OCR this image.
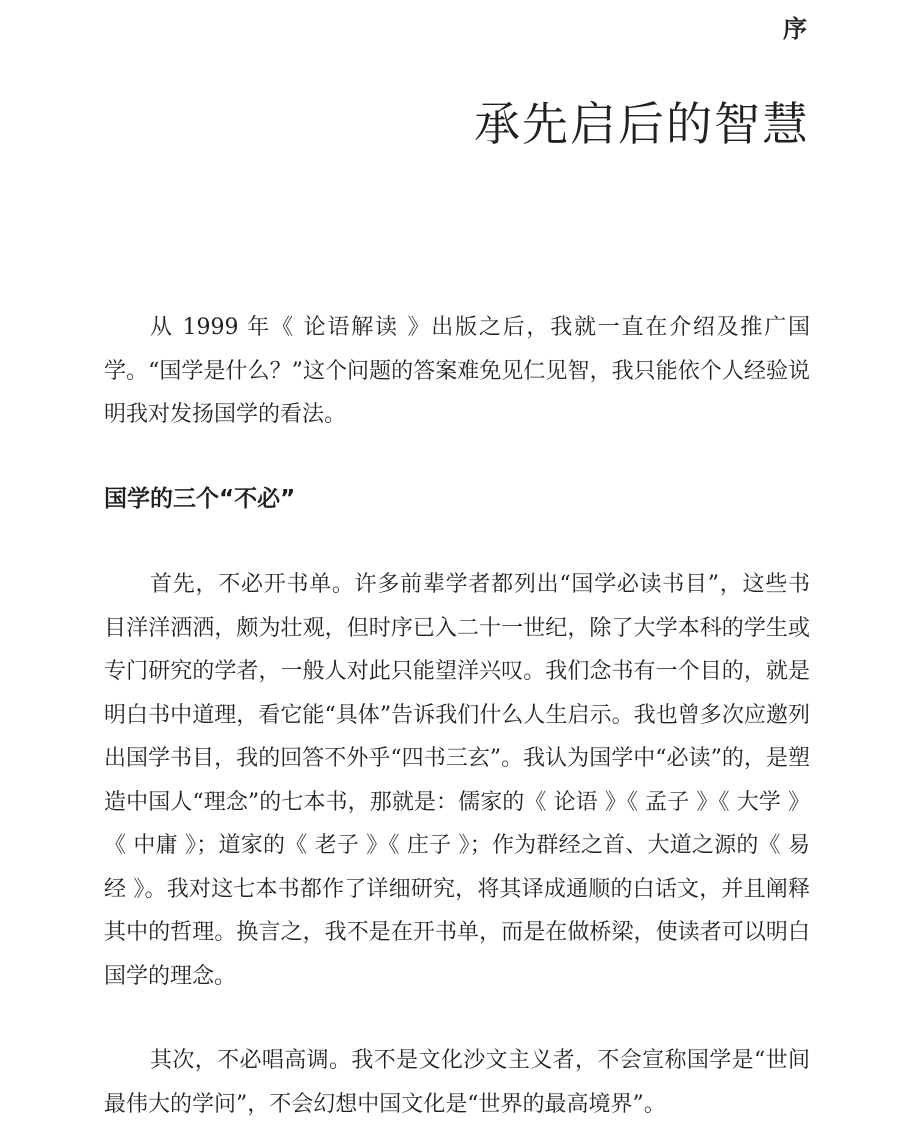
序
承先启后的智慧

从 1999 年《 论语解读 》出版之后，我就一直在介绍及推广国学。“国学是什么？”这个问题的答案难免见仁见智，我只能依个人经验说明我对发扬国学的看法。

国学的三个“不必”

首先，不必开书单。许多前辈学者都列出“国学必读书目”，这些书目洋洋洒洒，颇为壮观，但时序已入二十一世纪，除了大学本科的学生或专门研究的学者，一般人对此只能望洋兴叹。我们念书有一个目的，就是明白书中道理，看它能“具体”告诉我们什么人生启示。我也曾多次应邀列出国学书目，我的回答不外乎“四书三玄”。我认为国学中“必读”的，是塑造中国人“理念”的七本书，那就是：儒家的《 论语 》《 孟子 》《 大学 》《 中庸 》；道家的《 老子 》《 庄子 》；作为群经之首、大道之源的《 易经 》。我对这七本书都作了详细研究，将其译成通顺的白话文，并且阐释其中的哲理。换言之，我不是在开书单，而是在做桥梁，使读者可以明白国学的理念。

其次，不必唱高调。我不是文化沙文主义者，不会宣称国学是“世间最伟大的学问”，不会幻想中国文化是“世界的最高境界”。
